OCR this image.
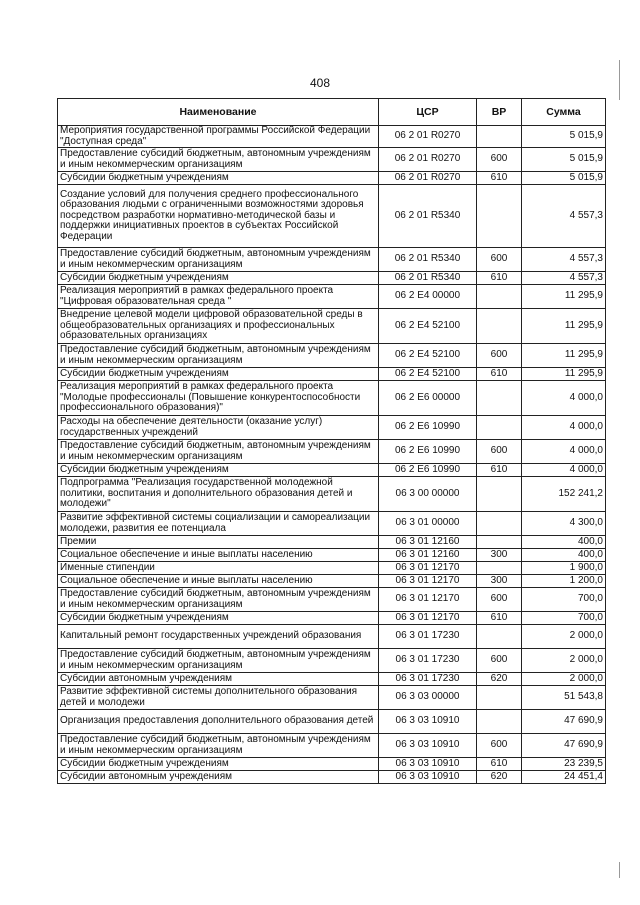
408
Наименование	ЦСР	ВР	Сумма
Мероприятия государственной программы Российской Федерации "Доступная среда"	06 2 01 R0270		5 015,9
Предоставление субсидий бюджетным, автономным учреждениям и иным некоммерческим организациям	06 2 01 R0270	600	5 015,9
Субсидии бюджетным учреждениям	06 2 01 R0270	610	5 015,9
Создание условий для получения среднего профессионального образования людьми с ограниченными возможностями здоровья посредством разработки нормативно-методической базы и поддержки инициативных проектов в субъектах Российской Федерации	06 2 01 R5340		4 557,3
Предоставление субсидий бюджетным, автономным учреждениям и иным некоммерческим организациям	06 2 01 R5340	600	4 557,3
Субсидии бюджетным учреждениям	06 2 01 R5340	610	4 557,3
Реализация мероприятий в рамках федерального проекта "Цифровая образовательная среда "	06 2 E4 00000		11 295,9
Внедрение целевой модели цифровой образовательной среды в общеобразовательных организациях и профессиональных образовательных организациях	06 2 E4 52100		11 295,9
Предоставление субсидий бюджетным, автономным учреждениям и иным некоммерческим организациям	06 2 E4 52100	600	11 295,9
Субсидии бюджетным учреждениям	06 2 E4 52100	610	11 295,9
Реализация мероприятий в рамках федерального проекта "Молодые профессионалы (Повышение конкурентоспособности профессионального образования)"	06 2 E6 00000		4 000,0
Расходы на обеспечение деятельности (оказание услуг) государственных учреждений	06 2 E6 10990		4 000,0
Предоставление субсидий бюджетным, автономным учреждениям и иным некоммерческим организациям	06 2 E6 10990	600	4 000,0
Субсидии бюджетным учреждениям	06 2 E6 10990	610	4 000,0
Подпрограмма "Реализация государственной молодежной политики, воспитания и дополнительного образования детей и молодежи"	06 3 00 00000		152 241,2
Развитие эффективной системы социализации и самореализации молодежи, развития ее потенциала	06 3 01 00000		4 300,0
Премии	06 3 01 12160		400,0
Социальное обеспечение и иные выплаты населению	06 3 01 12160	300	400,0
Именные стипендии	06 3 01 12170		1 900,0
Социальное обеспечение и иные выплаты населению	06 3 01 12170	300	1 200,0
Предоставление субсидий бюджетным, автономным учреждениям и иным некоммерческим организациям	06 3 01 12170	600	700,0
Субсидии бюджетным учреждениям	06 3 01 12170	610	700,0
Капитальный ремонт государственных учреждений образования	06 3 01 17230		2 000,0
Предоставление субсидий бюджетным, автономным учреждениям и иным некоммерческим организациям	06 3 01 17230	600	2 000,0
Субсидии автономным учреждениям	06 3 01 17230	620	2 000,0
Развитие эффективной системы дополнительного образования детей и молодежи	06 3 03 00000		51 543,8
Организация предоставления дополнительного образования детей	06 3 03 10910		47 690,9
Предоставление субсидий бюджетным, автономным учреждениям и иным некоммерческим организациям	06 3 03 10910	600	47 690,9
Субсидии бюджетным учреждениям	06 3 03 10910	610	23 239,5
Субсидии автономным учреждениям	06 3 03 10910	620	24 451,4
